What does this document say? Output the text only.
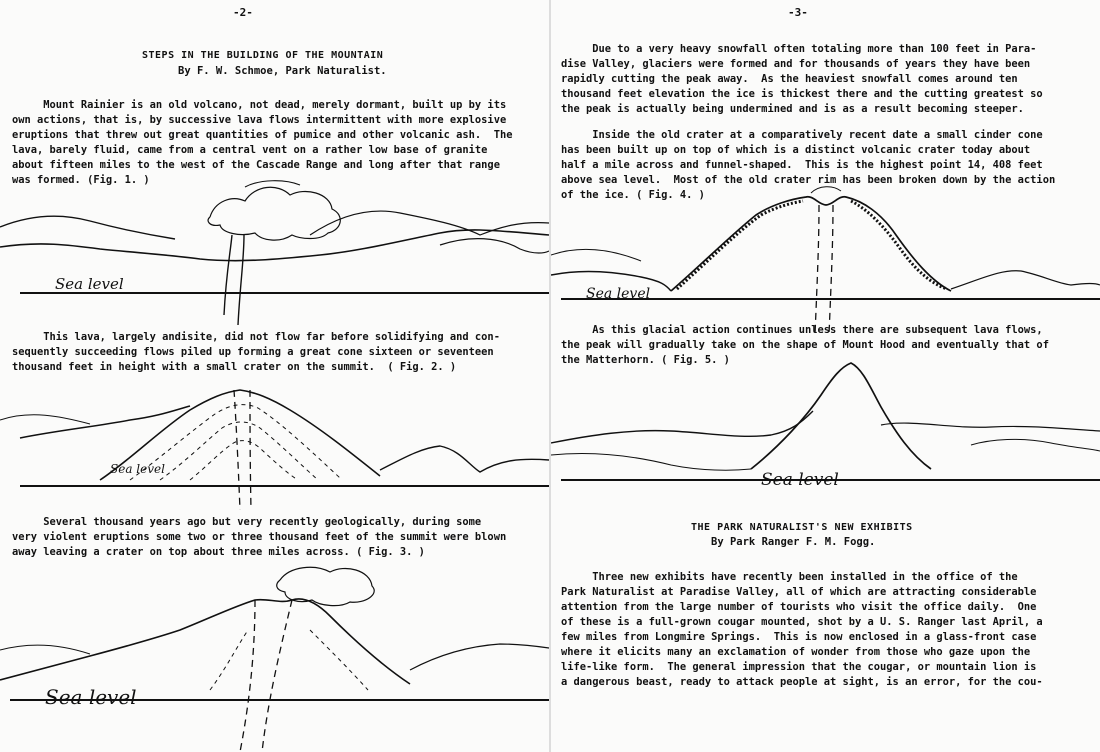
-2-
STEPS IN THE BUILDING OF THE MOUNTAIN
By F. W. Schmoe, Park Naturalist.
Mount Rainier is an old volcano, not dead, merely dormant, built up by its
own actions, that is, by successive lava flows intermittent with more explosive
eruptions that threw out great quantities of pumice and other volcanic ash.  The
lava, barely fluid, came from a central vent on a rather low base of granite
about fifteen miles to the west of the Cascade Range and long after that range
was formed. (Fig. 1. )
Sea level
This lava, largely andisite, did not flow far before solidifying and con-
sequently succeeding flows piled up forming a great cone sixteen or seventeen
thousand feet in height with a small crater on the summit.  ( Fig. 2. )
Sea level
Several thousand years ago but very recently geologically, during some
very violent eruptions some two or three thousand feet of the summit were blown
away leaving a crater on top about three miles across. ( Fig. 3. )
Sea level
-3-
Due to a very heavy snowfall often totaling more than 100 feet in Para-
dise Valley, glaciers were formed and for thousands of years they have been
rapidly cutting the peak away.  As the heaviest snowfall comes around ten
thousand feet elevation the ice is thickest there and the cutting greatest so
the peak is actually being undermined and is as a result becoming steeper.
Inside the old crater at a comparatively recent date a small cinder cone
has been built up on top of which is a distinct volcanic crater today about
half a mile across and funnel-shaped.  This is the highest point 14, 408 feet
above sea level.  Most of the old crater rim has been broken down by the action
of the ice. ( Fig. 4. )
Sea level
As this glacial action continues unless there are subsequent lava flows,
the peak will gradually take on the shape of Mount Hood and eventually that of
the Matterhorn. ( Fig. 5. )
Sea level
THE PARK NATURALIST'S NEW EXHIBITS
By Park Ranger F. M. Fogg.
Three new exhibits have recently been installed in the office of the
Park Naturalist at Paradise Valley, all of which are attracting considerable
attention from the large number of tourists who visit the office daily.  One
of these is a full-grown cougar mounted, shot by a U. S. Ranger last April, a
few miles from Longmire Springs.  This is now enclosed in a glass-front case
where it elicits many an exclamation of wonder from those who gaze upon the
life-like form.  The general impression that the cougar, or mountain lion is
a dangerous beast, ready to attack people at sight, is an error, for the cou-
